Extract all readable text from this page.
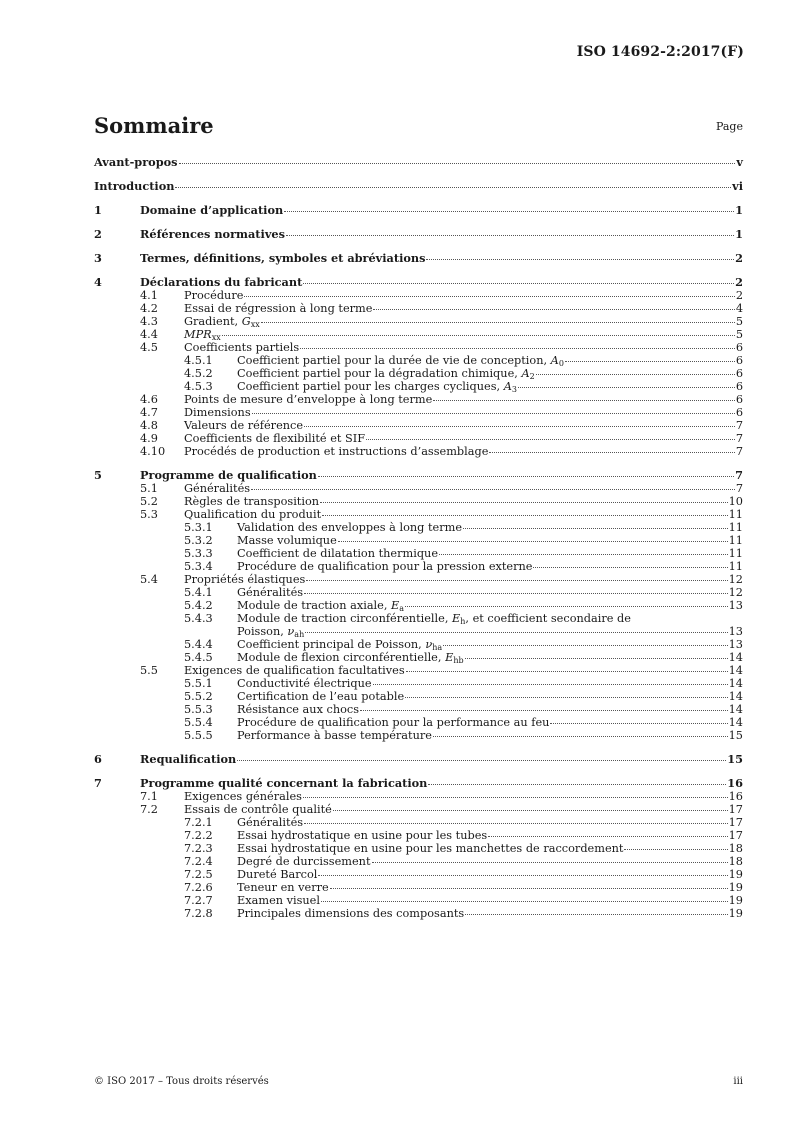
ISO 14692-2:2017(F)
Sommaire	Page
Avant-propos	v
Introduction	vi
1	Domaine d’application	1
2	Références normatives	1
3	Termes, définitions, symboles et abréviations	2
4	Déclarations du fabricant	2
4.1	Procédure	2
4.2	Essai de régression à long terme	4
4.3	Gradient, $G_{xx}$	5
4.4	$MPR_{xx}$	5
4.5	Coefficients partiels	6
4.5.1	Coefficient partiel pour la durée de vie de conception, $A_0$	6
4.5.2	Coefficient partiel pour la dégradation chimique, $A_2$	6
4.5.3	Coefficient partiel pour les charges cycliques, $A_3$	6
4.6	Points de mesure d’enveloppe à long terme	6
4.7	Dimensions	6
4.8	Valeurs de référence	7
4.9	Coefficients de flexibilité et SIF	7
4.10	Procédés de production et instructions d’assemblage	7
5	Programme de qualification	7
5.1	Généralités	7
5.2	Règles de transposition	10
5.3	Qualification du produit	11
5.3.1	Validation des enveloppes à long terme	11
5.3.2	Masse volumique	11
5.3.3	Coefficient de dilatation thermique	11
5.3.4	Procédure de qualification pour la pression externe	11
5.4	Propriétés élastiques	12
5.4.1	Généralités	12
5.4.2	Module de traction axiale, $E_a$	13
5.4.3	Module de traction circonférentielle, $E_h$, et coefficient secondaire de
Poisson, $\nu_{ah}$	13
5.4.4	Coefficient principal de Poisson, $\nu_{ha}$	13
5.4.5	Module de flexion circonférentielle, $E_{hb}$	14
5.5	Exigences de qualification facultatives	14
5.5.1	Conductivité électrique	14
5.5.2	Certification de l’eau potable	14
5.5.3	Résistance aux chocs	14
5.5.4	Procédure de qualification pour la performance au feu	14
5.5.5	Performance à basse température	15
6	Requalification	15
7	Programme qualité concernant la fabrication	16
7.1	Exigences générales	16
7.2	Essais de contrôle qualité	17
7.2.1	Généralités	17
7.2.2	Essai hydrostatique en usine pour les tubes	17
7.2.3	Essai hydrostatique en usine pour les manchettes de raccordement	18
7.2.4	Degré de durcissement	18
7.2.5	Dureté Barcol	19
7.2.6	Teneur en verre	19
7.2.7	Examen visuel	19
7.2.8	Principales dimensions des composants	19
© ISO 2017 – Tous droits réservés	iii
